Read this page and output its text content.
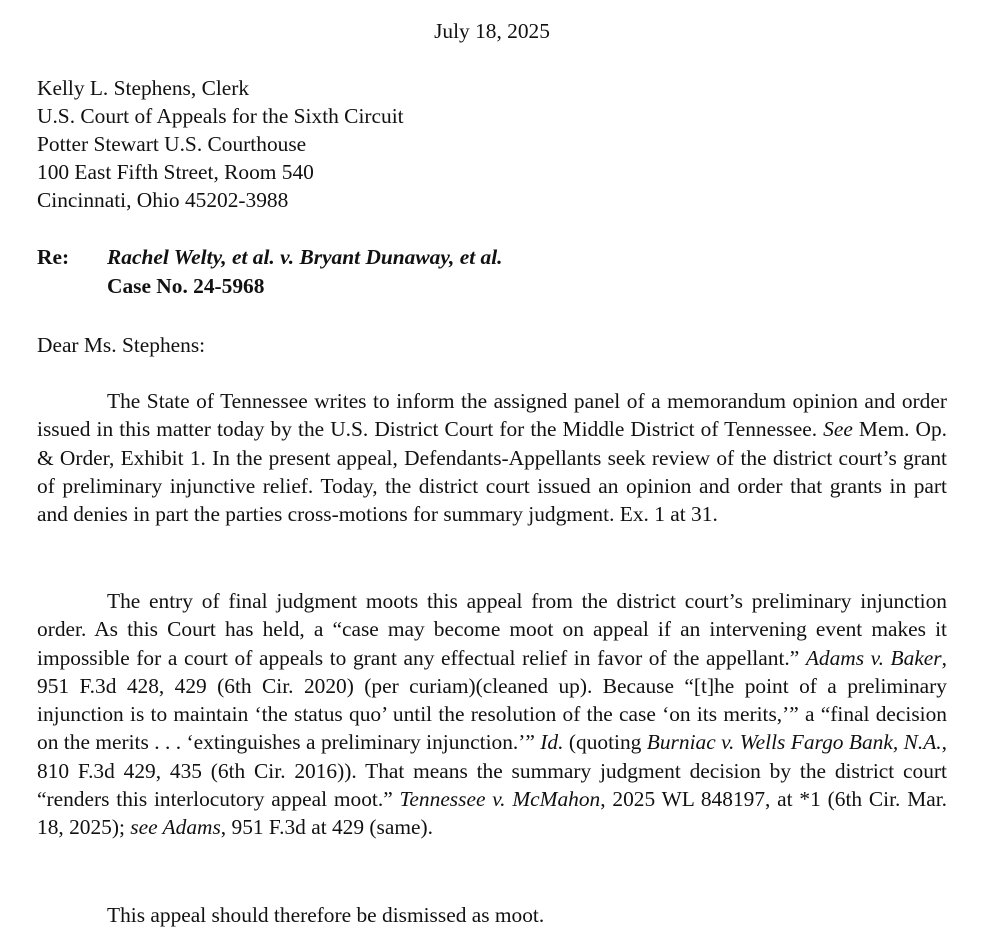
July 18, 2025
Kelly L. Stephens, Clerk
U.S. Court of Appeals for the Sixth Circuit
Potter Stewart U.S. Courthouse
100 East Fifth Street, Room 540
Cincinnati, Ohio 45202-3988
Re: Rachel Welty, et al. v. Bryant Dunaway, et al.
Case No. 24-5968
Dear Ms. Stephens:

The State of Tennessee writes to inform the assigned panel of a memorandum opinion and order issued in this matter today by the U.S. District Court for the Middle District of Tennessee. See Mem. Op. & Order, Exhibit 1. In the present appeal, Defendants-Appellants seek review of the district court’s grant of preliminary injunctive relief. Today, the district court issued an opinion and order that grants in part and denies in part the parties cross-motions for summary judgment. Ex. 1 at 31.

The entry of final judgment moots this appeal from the district court’s preliminary injunction order. As this Court has held, a “case may become moot on appeal if an intervening event makes it impossible for a court of appeals to grant any effectual relief in favor of the appellant.” Adams v. Baker, 951 F.3d 428, 429 (6th Cir. 2020) (per curiam)(cleaned up). Because “[t]he point of a preliminary injunction is to maintain ‘the status quo’ until the resolution of the case ‘on its merits,’” a “final decision on the merits . . . ‘extinguishes a preliminary injunction.’” Id. (quoting Burniac v. Wells Fargo Bank, N.A., 810 F.3d 429, 435 (6th Cir. 2016)). That means the summary judgment decision by the district court “renders this interlocutory appeal moot.” Tennessee v. McMahon, 2025 WL 848197, at *1 (6th Cir. Mar. 18, 2025); see Adams, 951 F.3d at 429 (same).

This appeal should therefore be dismissed as moot.
